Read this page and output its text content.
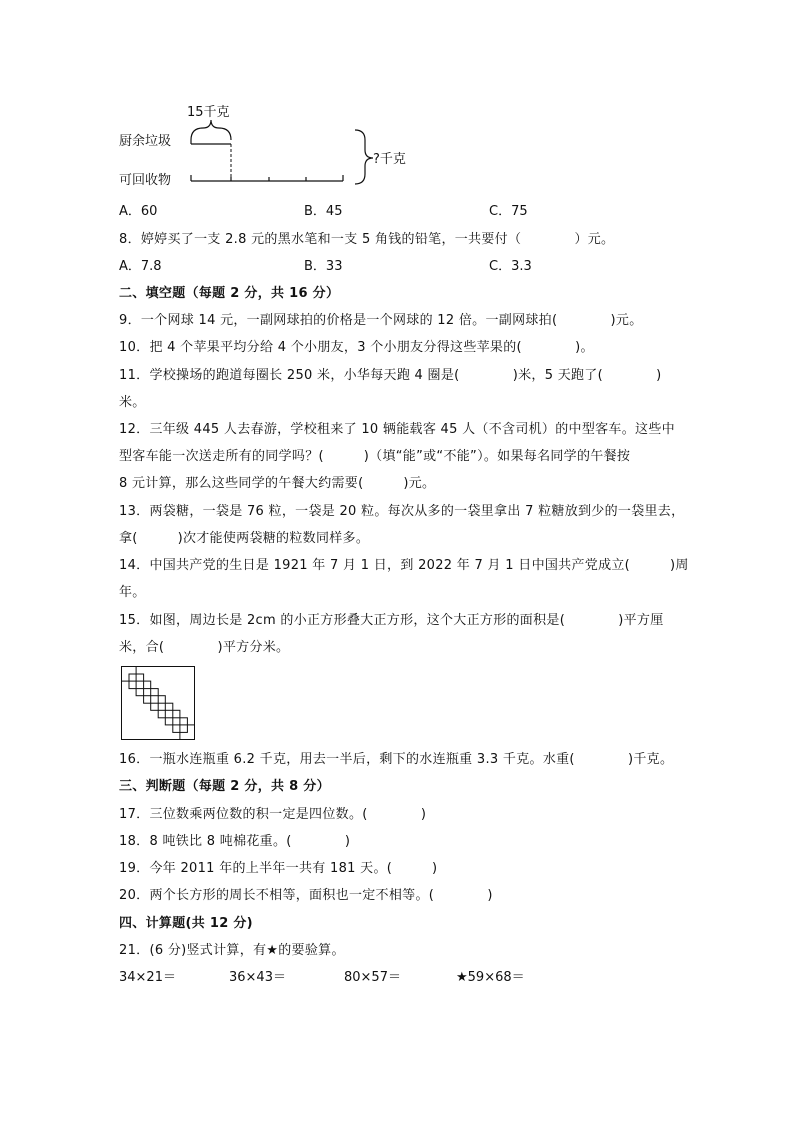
15千克
厨余垃圾
可回收物
?千克
A．60	B．45	C．75
8．婷婷买了一支 2.8 元的黑水笔和一支 5 角钱的铅笔，一共要付（　　　　）元。
A．7.8	B．33	C．3.3
二、填空题（每题 2 分，共 16 分）
9．一个网球 14 元，一副网球拍的价格是一个网球的 12 倍。一副网球拍(　　　　)元。
10．把 4 个苹果平均分给 4 个小朋友，3 个小朋友分得这些苹果的(　　　　)。
11．学校操场的跑道每圈长 250 米，小华每天跑 4 圈是(　　　　)米，5 天跑了(　　　　)
米。
12．三年级 445 人去春游，学校租来了 10 辆能载客 45 人（不含司机）的中型客车。这些中
型客车能一次送走所有的同学吗？(　　　)（填“能”或“不能”）。如果每名同学的午餐按
8 元计算，那么这些同学的午餐大约需要(　　　)元。
13．两袋糖，一袋是 76 粒，一袋是 20 粒。每次从多的一袋里拿出 7 粒糖放到少的一袋里去，
拿(　　　)次才能使两袋糖的粒数同样多。
14．中国共产党的生日是 1921 年 7 月 1 日，到 2022 年 7 月 1 日中国共产党成立(　　　)周
年。
15．如图，周边长是 2cm 的小正方形叠大正方形，这个大正方形的面积是(　　　　)平方厘
米，合(　　　　)平方分米。
16．一瓶水连瓶重 6.2 千克，用去一半后，剩下的水连瓶重 3.3 千克。水重(　　　　)千克。
三、判断题（每题 2 分，共 8 分）
17．三位数乘两位数的积一定是四位数。(　　　　)
18．8 吨铁比 8 吨棉花重。(　　　　)
19．今年 2011 年的上半年一共有 181 天。(　　　)
20．两个长方形的周长不相等，面积也一定不相等。(　　　　)
四、计算题(共 12 分)
21．(6 分)竖式计算，有★的要验算。
34×21＝	36×43＝	80×57＝	★59×68＝
